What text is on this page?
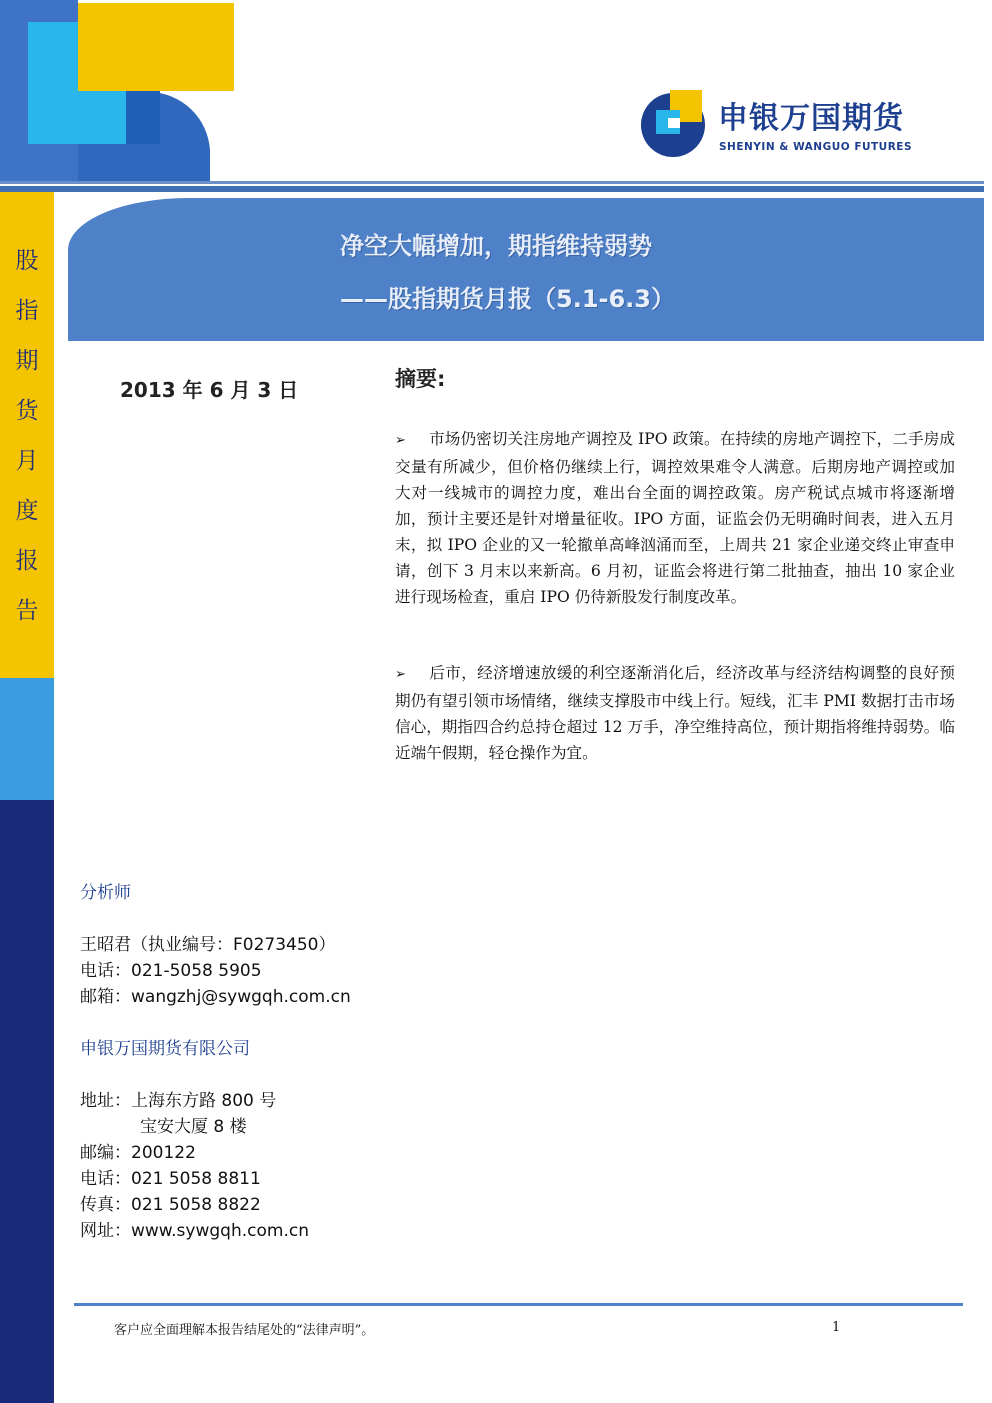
申银万国期货
SHENYIN & WANGUO FUTURES
股
指
期
货
月
度
报
告
净空大幅增加，期指维持弱势
——股指期货月报（5.1-6.3）
2013 年 6 月 3 日	摘要:
➢ 市场仍密切关注房地产调控及 IPO 政策。在持续的房地产调控下，二手房成交量有所减少，但价格仍继续上行，调控效果难令人满意。后期房地产调控或加大对一线城市的调控力度，难出台全面的调控政策。房产税试点城市将逐渐增加，预计主要还是针对增量征收。IPO 方面，证监会仍无明确时间表，进入五月末，拟 IPO 企业的又一轮撤单高峰汹涌而至，上周共 21 家企业递交终止审查申请，创下 3 月末以来新高。6 月初，证监会将进行第二批抽查，抽出 10 家企业进行现场检查，重启 IPO 仍待新股发行制度改革。
➢ 后市，经济增速放缓的利空逐渐消化后，经济改革与经济结构调整的良好预期仍有望引领市场情绪，继续支撑股市中线上行。短线，汇丰 PMI 数据打击市场信心，期指四合约总持仓超过 12 万手，净空维持高位，预计期指将维持弱势。临近端午假期，轻仓操作为宜。
分析师
王昭君（执业编号：F0273450）
电话：021-5058 5905
邮箱：wangzhj@sywgqh.com.cn
申银万国期货有限公司
地址：上海东方路 800 号
宝安大厦 8 楼
邮编：200122
电话：021 5058 8811
传真：021 5058 8822
网址：www.sywgqh.com.cn
客户应全面理解本报告结尾处的“法律声明”。	1
